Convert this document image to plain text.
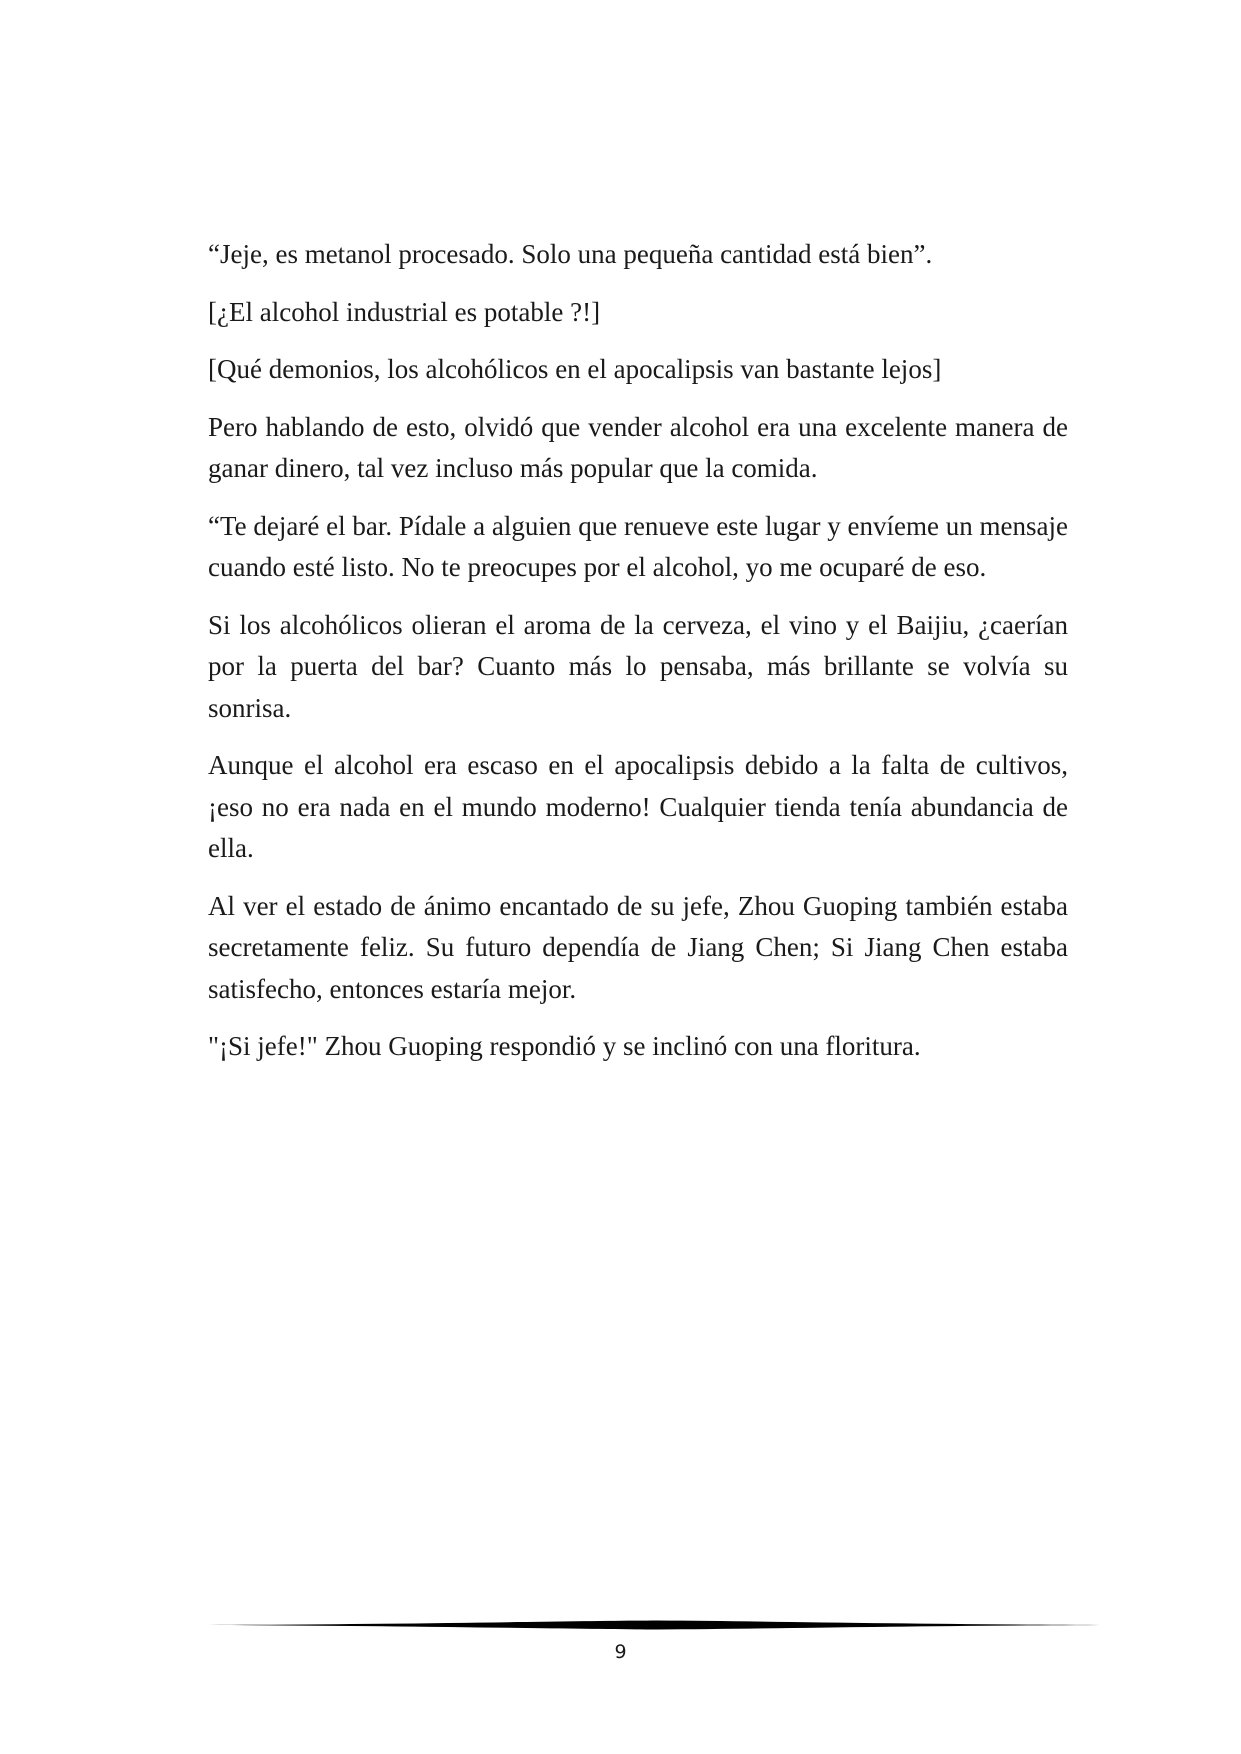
“Jeje, es metanol procesado. Solo una pequeña cantidad está bien”.

[¿El alcohol industrial es potable ?!]

[Qué demonios, los alcohólicos en el apocalipsis van bastante lejos]

Pero hablando de esto, olvidó que vender alcohol era una excelente manera de ganar dinero, tal vez incluso más popular que la comida.

“Te dejaré el bar. Pídale a alguien que renueve este lugar y envíeme un mensaje cuando esté listo. No te preocupes por el alcohol, yo me ocuparé de eso.

Si los alcohólicos olieran el aroma de la cerveza, el vino y el Baijiu, ¿caerían por la puerta del bar? Cuanto más lo pensaba, más brillante se volvía su sonrisa.

Aunque el alcohol era escaso en el apocalipsis debido a la falta de cultivos, ¡eso no era nada en el mundo moderno! Cualquier tienda tenía abundancia de ella.

Al ver el estado de ánimo encantado de su jefe, Zhou Guoping también estaba secretamente feliz. Su futuro dependía de Jiang Chen; Si Jiang Chen estaba satisfecho, entonces estaría mejor.

"¡Si jefe!" Zhou Guoping respondió y se inclinó con una floritura.

9
